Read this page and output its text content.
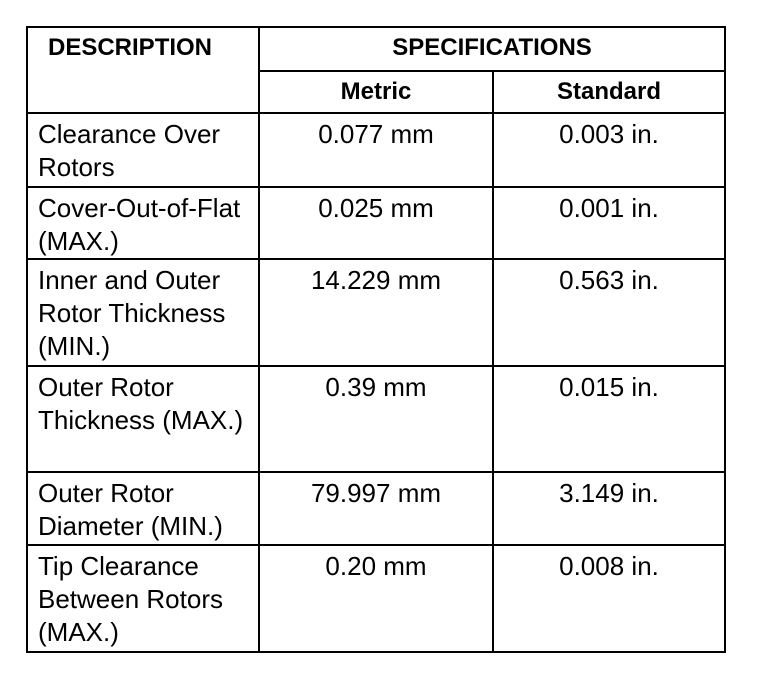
DESCRIPTION	SPECIFICATIONS	
	Metric	Standard
Clearance Over Rotors	0.077 mm	0.003 in.
Cover-Out-of-Flat (MAX.)	0.025 mm	0.001 in.
Inner and Outer Rotor Thickness (MIN.)	14.229 mm	0.563 in.
Outer Rotor Thickness (MAX.)	0.39 mm	0.015 in.
Outer Rotor Diameter (MIN.)	79.997 mm	3.149 in.
Tip Clearance Between Rotors (MAX.)	0.20 mm	0.008 in.
